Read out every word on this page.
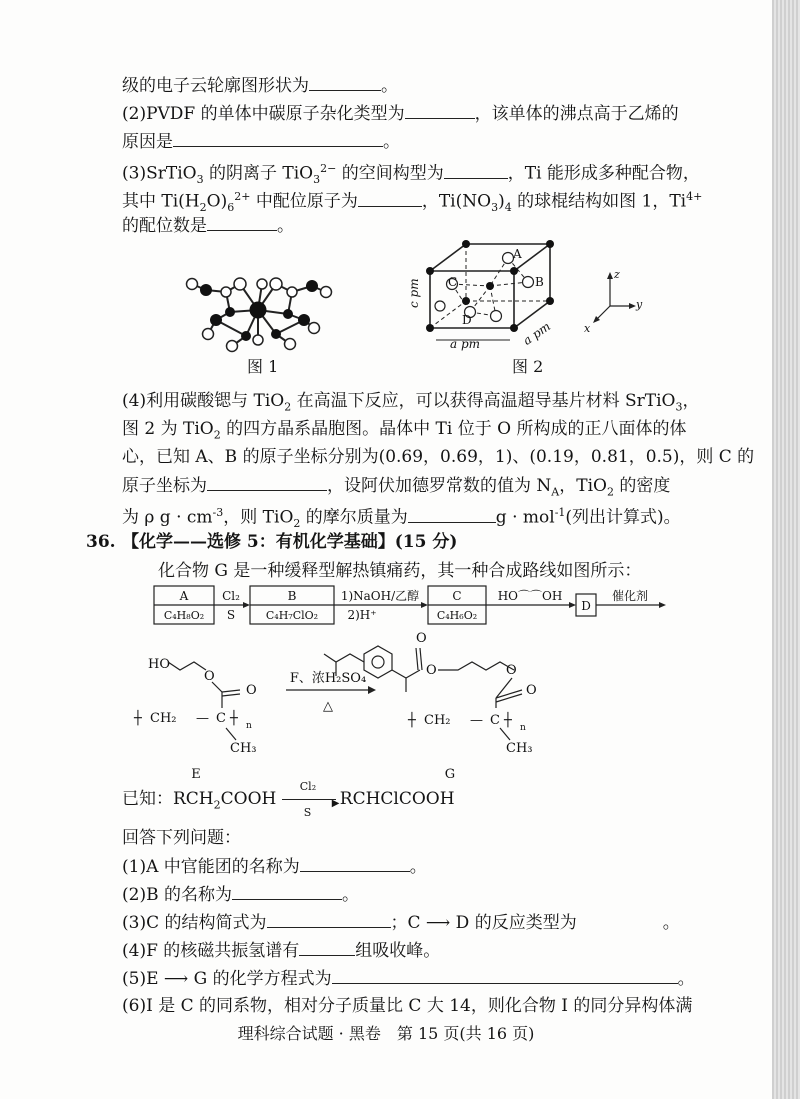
级的电子云轮廓图形状为	。
(2)PVDF 的单体中碳原子杂化类型为	，该单体的沸点高于乙烯的
原因是	。
(3)SrTiO$_3$ 的阴离子 TiO$_3^{2-}$ 的空间构型为	，Ti 能形成多种配合物，
其中 $Ti(H_2O)_6^{2+}$ 中配位原子为	，$Ti(NO_3)_4$ 的球棍结构如图 1，$Ti^{4+}$
的配位数是	。
图 1
C
A
B
D
c pm
a pm	a pm
z
y
x
图 2
(4)利用碳酸锶与 TiO$_2$ 在高温下反应，可以获得高温超导基片材料 SrTiO$_3$，
图 2 为 TiO$_2$ 的四方晶系晶胞图。晶体中 Ti 位于 O 所构成的正八面体的体
心，已知 A、B 的原子坐标分别为(0.69，0.69，1)、(0.19，0.81，0.5)，则 C 的
原子坐标为	，设阿伏加德罗常数的值为 $N_A$，TiO$_2$ 的密度
为 ρ $g \cdot cm^{-3}$，则 TiO$_2$ 的摩尔质量为	g · mol$^{-1}$(列出计算式)。
36. 【化学——选修 5：有机化学基础】(15 分)
化合物 G 是一种缓释型解热镇痛药，其一种合成路线如图所示：
A
C₄H₈O₂
Cl₂
S
B
C₄H₇ClO₂
1)NaOH/乙醇
2)H⁺
C
C₄H₆O₂
HO⌒⌒OH
D
催化剂
HO
O
O
┼ CH₂ — C ┼ n
CH₃
E
┼ CH₂ — C ┼ n
CH₃
O
O
O
O
G
F、浓H₂SO₄
△
已知：$RCH_2COOH$
Cl₂
▶
S
RCHClCOOH
回答下列问题：
(1)A 中官能团的名称为	。
(2)B 的名称为	。
(3)C 的结构简式为	；C ⟶ D 的反应类型为	。
(4)F 的核磁共振氢谱有	组吸收峰。
(5)E ⟶ G 的化学方程式为	。
(6)I 是 C 的同系物，相对分子质量比 C 大 14，则化合物 I 的同分异构体满
理科综合试题 · 黑卷　第 15 页(共 16 页)
